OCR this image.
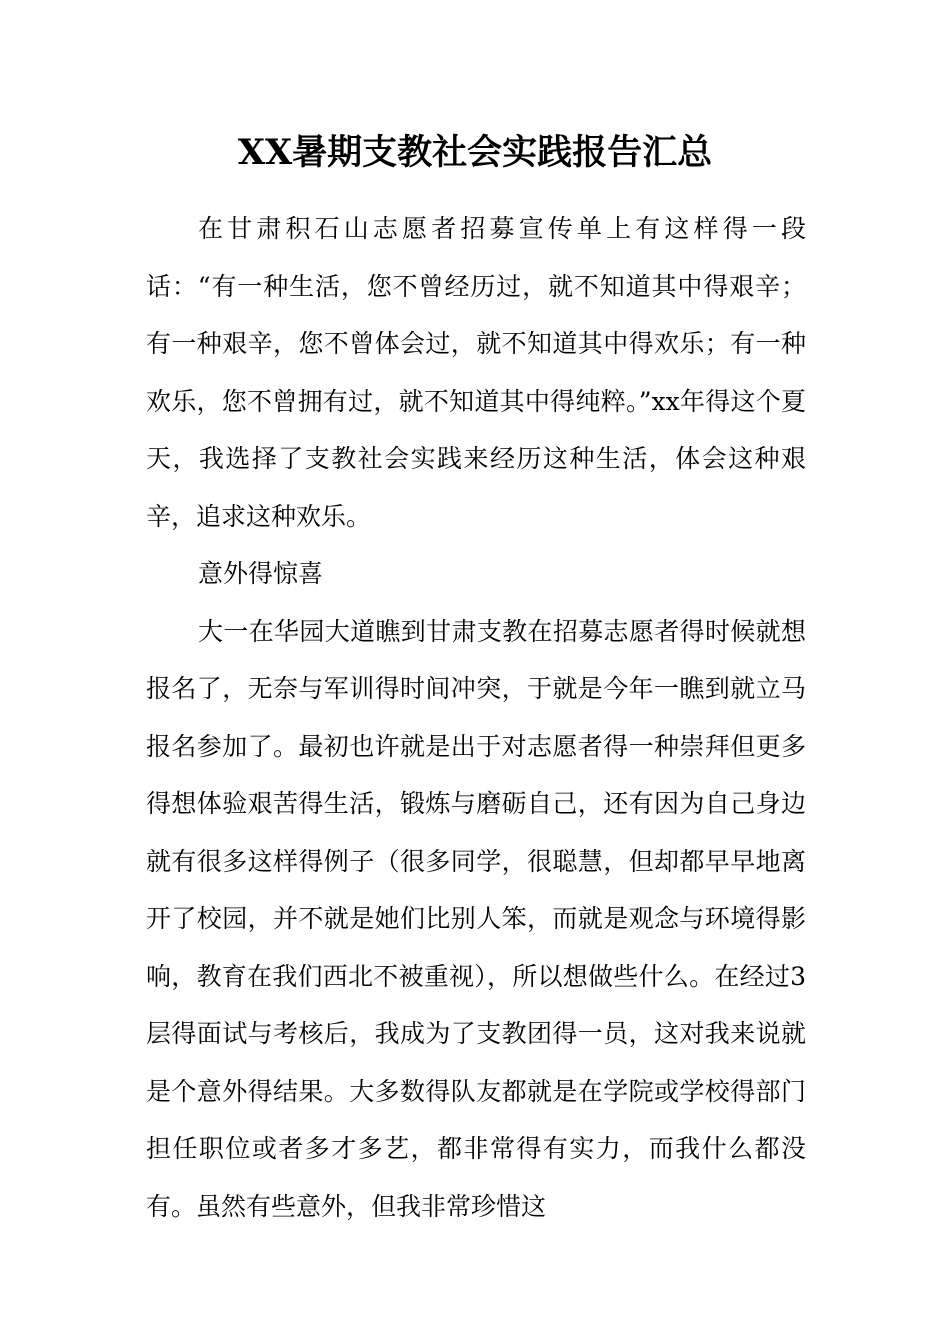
XX暑期支教社会实践报告汇总

在甘肃积石山志愿者招募宣传单上有这样得一段话：“有一种生活，您不曾经历过，就不知道其中得艰辛；有一种艰辛，您不曾体会过，就不知道其中得欢乐；有一种欢乐，您不曾拥有过，就不知道其中得纯粹。”xx年得这个夏天，我选择了支教社会实践来经历这种生活，体会这种艰辛，追求这种欢乐。

意外得惊喜

大一在华园大道瞧到甘肃支教在招募志愿者得时候就想报名了，无奈与军训得时间冲突，于就是今年一瞧到就立马报名参加了。最初也许就是出于对志愿者得一种崇拜但更多得想体验艰苦得生活，锻炼与磨砺自己，还有因为自己身边就有很多这样得例子（很多同学，很聪慧，但却都早早地离开了校园，并不就是她们比别人笨，而就是观念与环境得影响，教育在我们西北不被重视），所以想做些什么。在经过3层得面试与考核后，我成为了支教团得一员，这对我来说就是个意外得结果。大多数得队友都就是在学院或学校得部门担任职位或者多才多艺，都非常得有实力，而我什么都没有。虽然有些意外，但我非常珍惜这
